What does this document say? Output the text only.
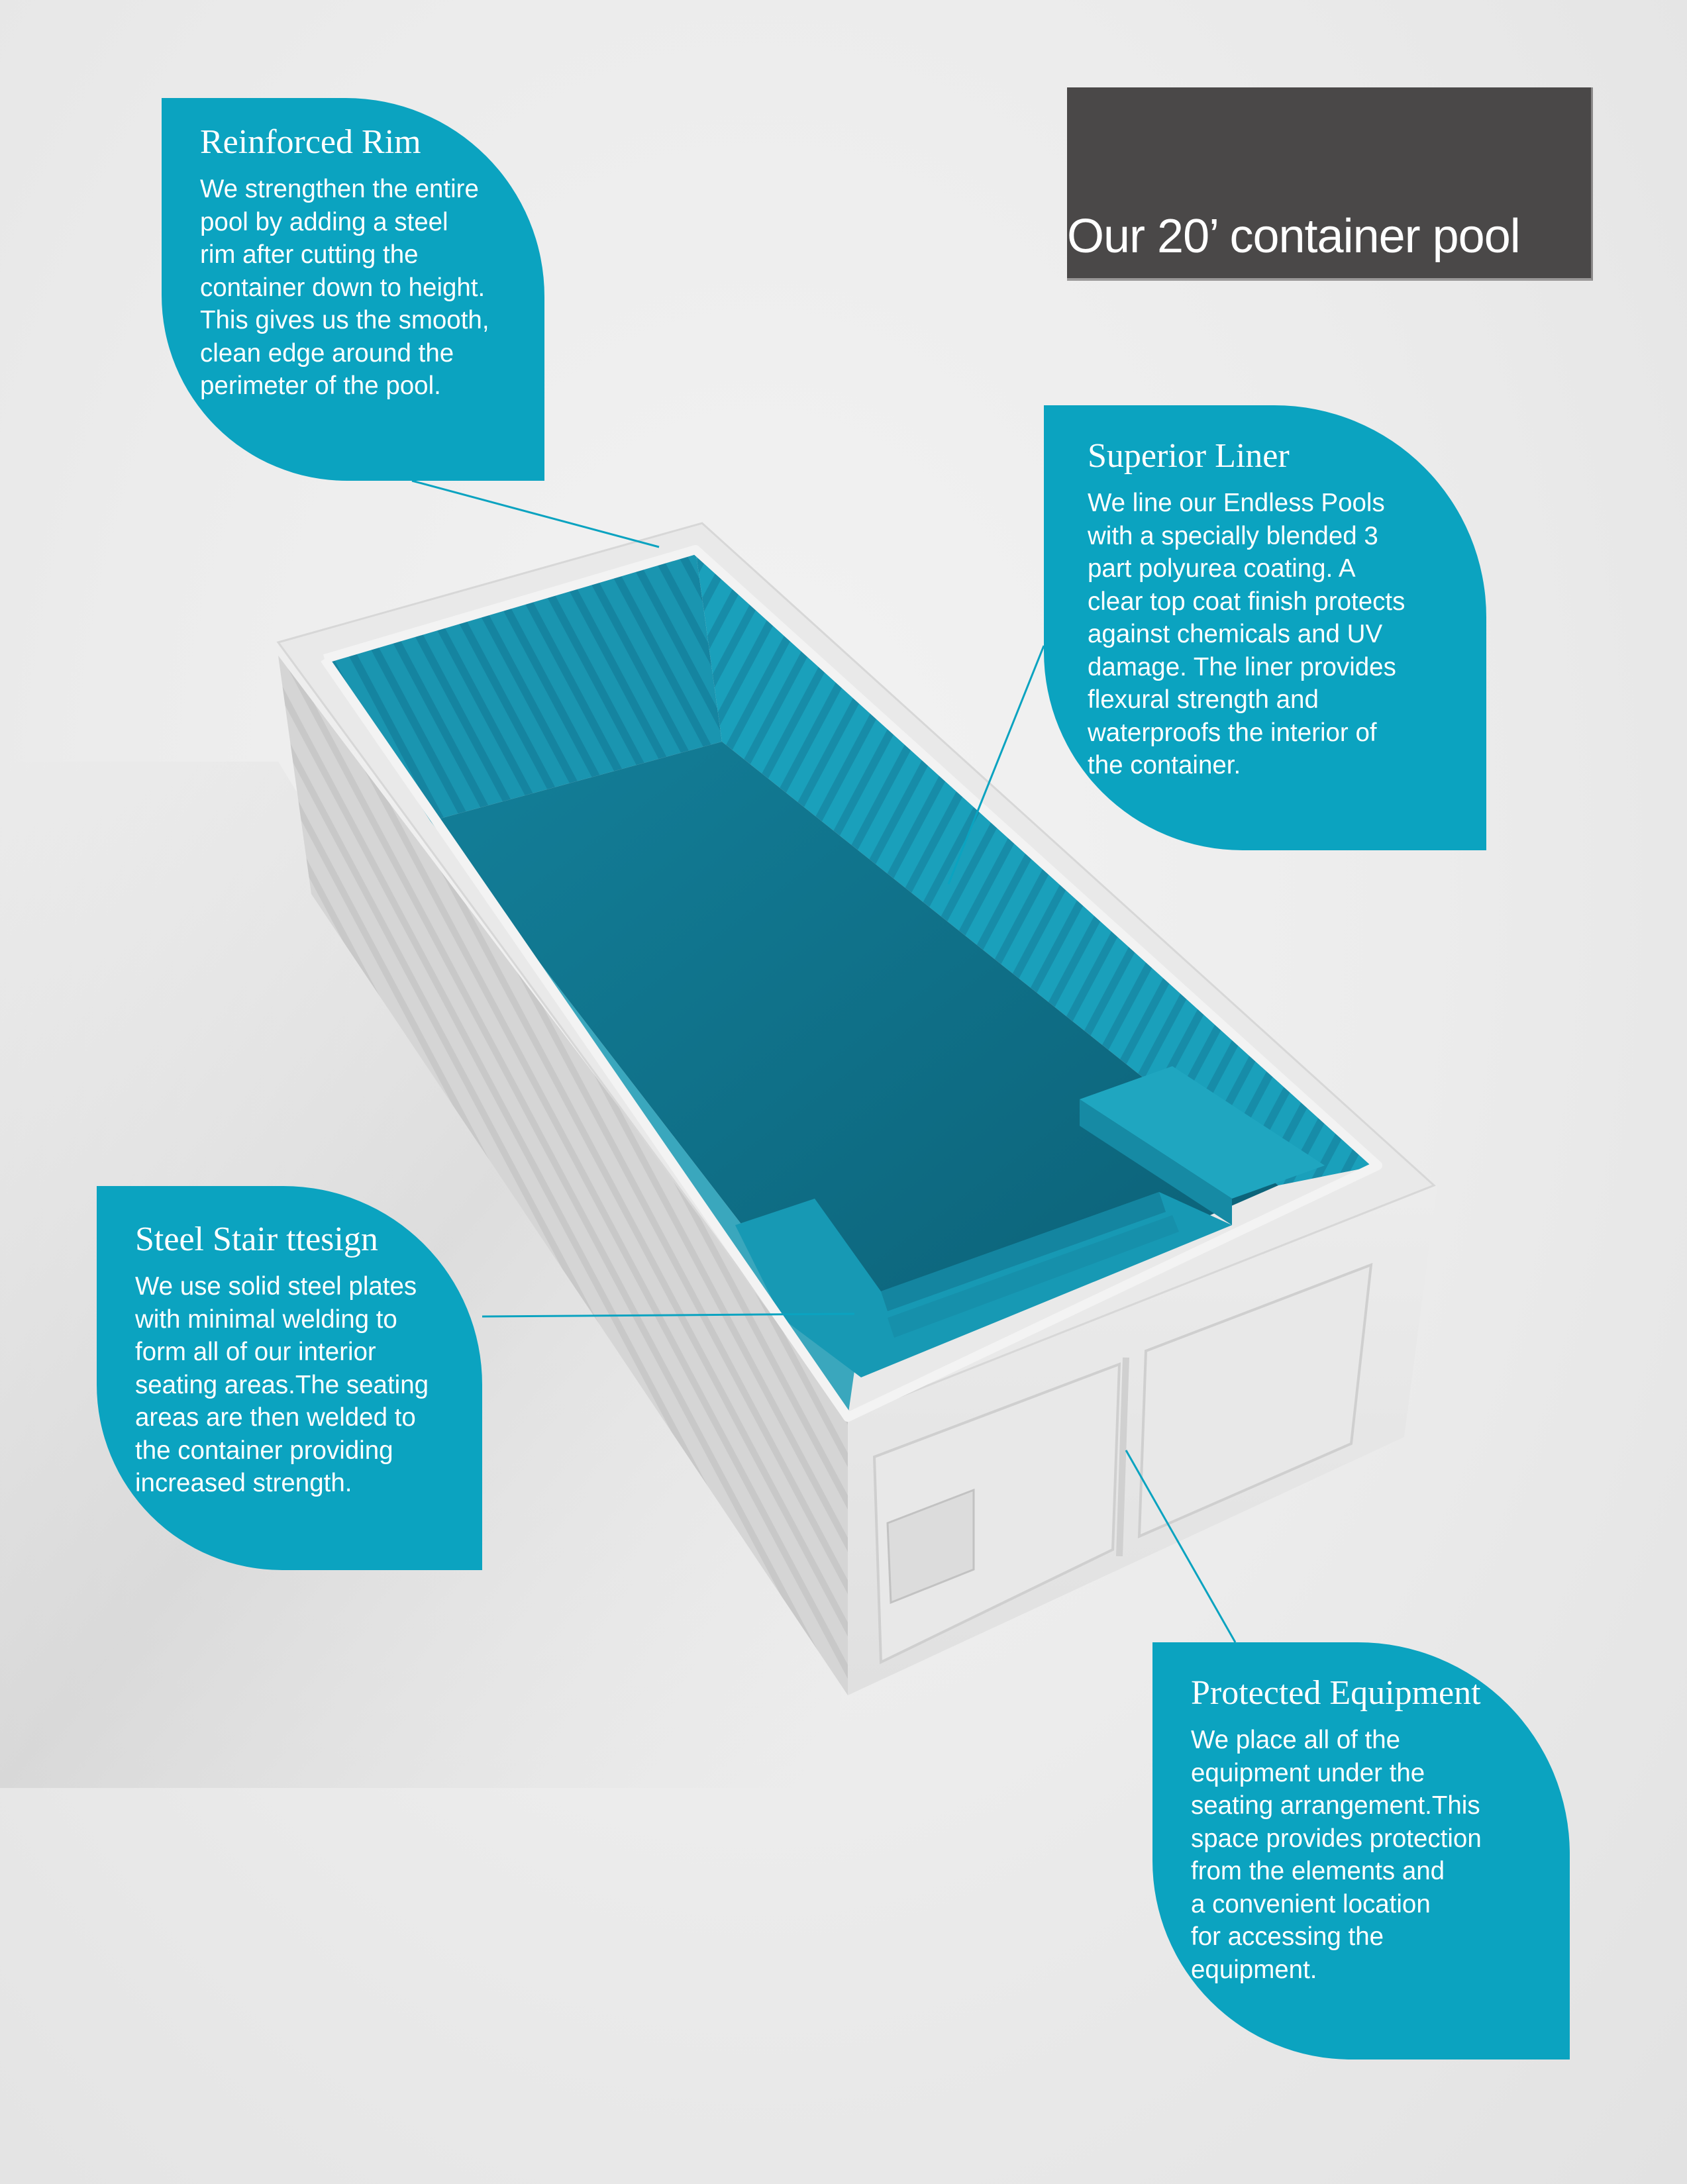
Our 20’ container pool
Reinforced Rim
We strengthen the entire
pool by adding a steel
rim after cutting the
container down to height.
This gives us the smooth,
clean edge around the
perimeter of the pool.
Superior Liner
We line our Endless Pools
with a specially blended 3
part polyurea coating. A
clear top coat finish protects
against chemicals and UV
damage. The liner provides
flexural strength and
waterproofs the interior of
the container.
Steel Stair ttesign
We use solid steel plates
with minimal welding to
form all of our interior
seating areas.The seating
areas are then welded to
the container providing
increased strength.
Protected Equipment
We place all of the
equipment under the
seating arrangement.This
space provides protection
from the elements and
a convenient location
for accessing the
equipment.
